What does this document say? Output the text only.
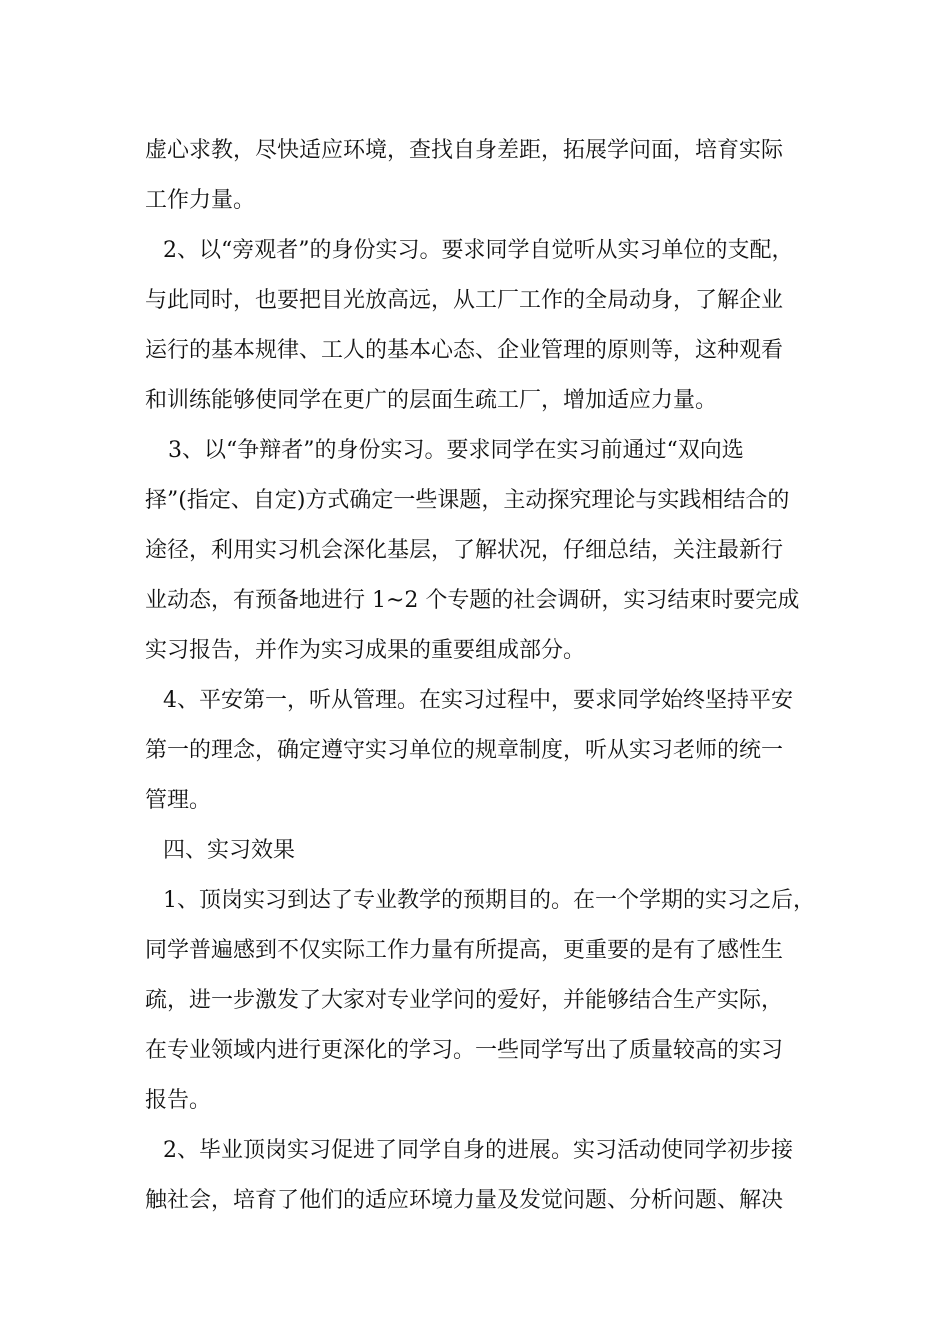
虚心求教，尽快适应环境，查找自身差距，拓展学问面，培育实际
工作力量。
2、以“旁观者”的身份实习。要求同学自觉听从实习单位的支配，
与此同时，也要把目光放高远，从工厂工作的全局动身，了解企业
运行的基本规律、工人的基本心态、企业管理的原则等，这种观看
和训练能够使同学在更广的层面生疏工厂，增加适应力量。
3、以“争辩者”的身份实习。要求同学在实习前通过“双向选
择”(指定、自定)方式确定一些课题，主动探究理论与实践相结合的
途径，利用实习机会深化基层，了解状况，仔细总结，关注最新行
业动态，有预备地进行 1~2 个专题的社会调研，实习结束时要完成
实习报告，并作为实习成果的重要组成部分。
4、平安第一，听从管理。在实习过程中，要求同学始终坚持平安
第一的理念，确定遵守实习单位的规章制度，听从实习老师的统一
管理。
四、实习效果
1、顶岗实习到达了专业教学的预期目的。在一个学期的实习之后，
同学普遍感到不仅实际工作力量有所提高，更重要的是有了感性生
疏，进一步激发了大家对专业学问的爱好，并能够结合生产实际，
在专业领域内进行更深化的学习。一些同学写出了质量较高的实习
报告。
2、毕业顶岗实习促进了同学自身的进展。实习活动使同学初步接
触社会，培育了他们的适应环境力量及发觉问题、分析问题、解决
